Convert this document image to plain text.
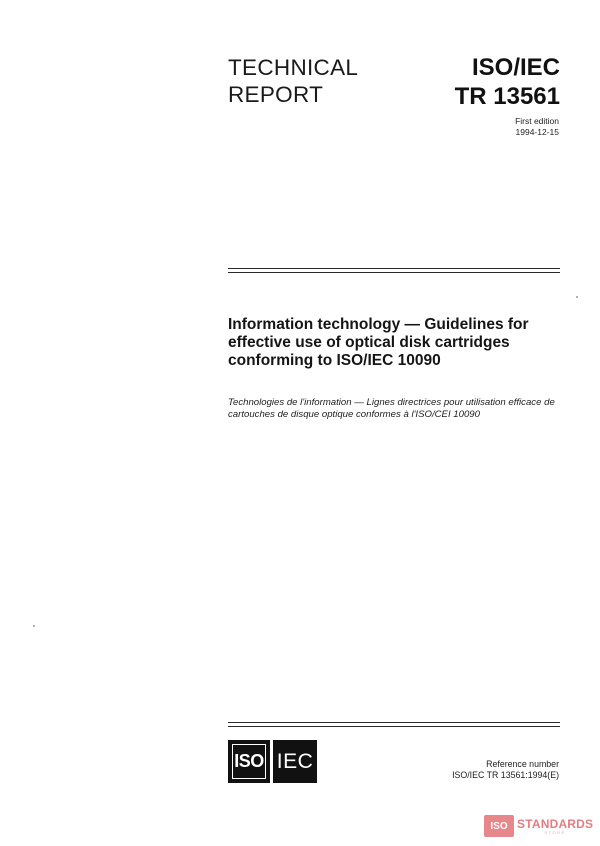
TECHNICAL
REPORT
ISO/IEC
TR 13561
First edition
1994-12-15
Information technology — Guidelines for effective use of optical disk cartridges conforming to ISO/IEC 10090
Technologies de l'information — Lignes directrices pour utilisation efficace de cartouches de disque optique conformes à l'ISO/CEI 10090
ISO IEC	Reference number
ISO/IEC TR 13561:1994(E)
ISO STANDARDS
STORE
